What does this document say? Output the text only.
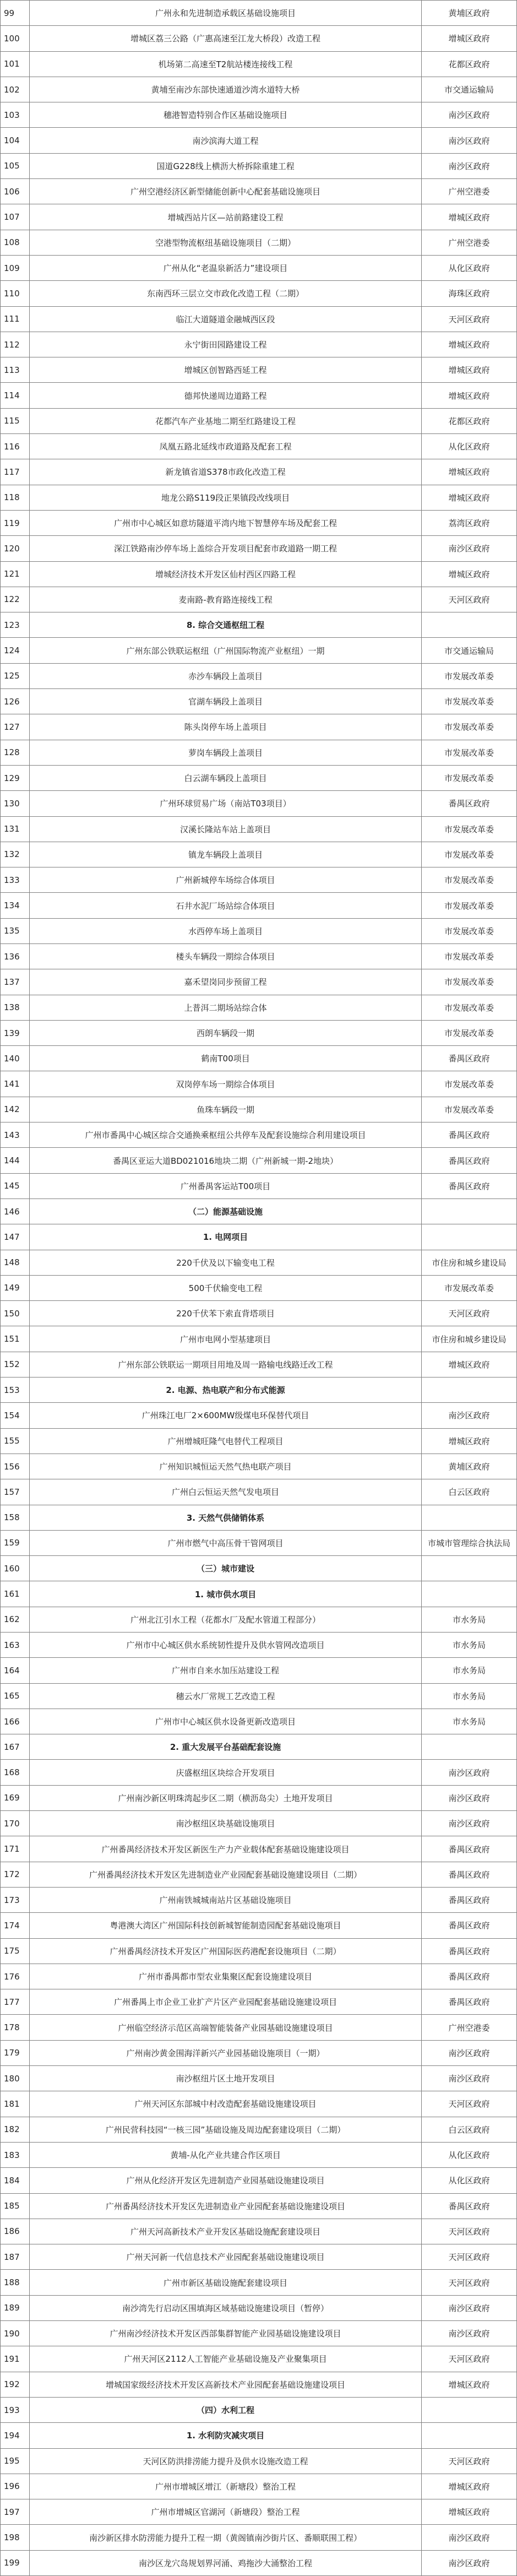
99	广州永和先进制造承载区基础设施项目	黄埔区政府
100	增城区荔三公路（广惠高速至江龙大桥段）改造工程	增城区政府
101	机场第二高速至T2航站楼连接线工程	花都区政府
102	黄埔至南沙东部快速通道沙湾水道特大桥	市交通运输局
103	穗港智造特别合作区基础设施项目	南沙区政府
104	南沙滨海大道工程	南沙区政府
105	国道G228线上横沥大桥拆除重建工程	南沙区政府
106	广州空港经济区新型储能创新中心配套基础设施项目	广州空港委
107	增城西站片区—站前路建设工程	增城区政府
108	空港型物流枢纽基础设施项目（二期）	广州空港委
109	广州从化“老温泉新活力”建设项目	从化区政府
110	东南西环三层立交市政化改造工程（二期）	海珠区政府
111	临江大道隧道金融城西区段	天河区政府
112	永宁街田园路建设工程	增城区政府
113	增城区创智路西延工程	增城区政府
114	德邦快递周边道路工程	增城区政府
115	花都汽车产业基地二期至红路建设工程	花都区政府
116	凤凰五路北延线市政道路及配套工程	从化区政府
117	新龙镇省道S378市政化改造工程	增城区政府
118	地龙公路S119段正果镇段改线项目	增城区政府
119	广州市中心城区如意坊隧道平湾内地下智慧停车场及配套工程	荔湾区政府
120	深江铁路南沙停车场上盖综合开发项目配套市政道路一期工程	南沙区政府
121	增城经济技术开发区仙村西区四路工程	增城区政府
122	麦南路-教育路连接线工程	天河区政府
123	8. 综合交通枢纽工程	
124	广州东部公铁联运枢纽（广州国际物流产业枢纽）一期	市交通运输局
125	赤沙车辆段上盖项目	市发展改革委
126	官湖车辆段上盖项目	市发展改革委
127	陈头岗停车场上盖项目	市发展改革委
128	萝岗车辆段上盖项目	市发展改革委
129	白云湖车辆段上盖项目	市发展改革委
130	广州环球贸易广场（南站T03项目）	番禺区政府
131	汉溪长隆站车站上盖项目	市发展改革委
132	镇龙车辆段上盖项目	市发展改革委
133	广州新城停车场综合体项目	市发展改革委
134	石井水泥厂场站综合体项目	市发展改革委
135	水西停车场上盖项目	市发展改革委
136	楼头车辆段一期综合体项目	市发展改革委
137	嘉禾望岗同步预留工程	市发展改革委
138	上普洱二期场站综合体	市发展改革委
139	西朗车辆段一期	市发展改革委
140	鹤南T00项目	番禺区政府
141	双岗停车场一期综合体项目	市发展改革委
142	鱼珠车辆段一期	市发展改革委
143	广州市番禺中心城区综合交通换乘枢纽公共停车及配套设施综合利用建设项目	番禺区政府
144	番禺区亚运大道BD021016地块二期（广州新城一期-2地块）	番禺区政府
145	广州番禺客运站T00项目	番禺区政府
146	（二）能源基础设施	
147	1. 电网项目	
148	220千伏及以下输变电工程	市住房和城乡建设局
149	500千伏输变电工程	市发展改革委
150	220千伏苯下索直背塔项目	天河区政府
151	广州市电网小型基建项目	市住房和城乡建设局
152	广州东部公铁联运一期项目用地及周一路输电线路迁改工程	增城区政府
153	2. 电源、热电联产和分布式能源	
154	广州珠江电厂2×600MW级煤电环保替代项目	南沙区政府
155	广州增城旺隆气电替代工程项目	增城区政府
156	广州知识城恒运天然气热电联产项目	黄埔区政府
157	广州白云恒运天然气发电项目	白云区政府
158	3. 天然气供储销体系	
159	广州市燃气中高压骨干管网项目	市城市管理综合执法局
160	（三）城市建设	
161	1. 城市供水项目	
162	广州北江引水工程（花都水厂及配水管道工程部分）	市水务局
163	广州市中心城区供水系统韧性提升及供水管网改造项目	市水务局
164	广州市自来水加压站建设工程	市水务局
165	穗云水厂常规工艺改造工程	市水务局
166	广州市中心城区供水设备更新改造项目	市水务局
167	2. 重大发展平台基础配套设施	
168	庆盛枢纽区块综合开发项目	南沙区政府
169	广州南沙新区明珠湾起步区二期（横沥岛尖）土地开发项目	南沙区政府
170	南沙枢纽区块基础设施项目	南沙区政府
171	广州番禺经济技术开发区新医生产力产业载体配套基础设施建设项目	番禺区政府
172	广州番禺经济技术开发区先进制造业产业园配套基础设施建设项目（二期）	番禺区政府
173	广州南铁城城南站片区基础设施项目	番禺区政府
174	粤港澳大湾区广州国际科技创新城智能制造园配套基础设施项目	番禺区政府
175	广州番禺经济技术开发区广州国际医药港配套设施项目（二期）	番禺区政府
176	广州市番禺都市型农业集聚区配套设施建设项目	番禺区政府
177	广州番禺上市企业工业扩产片区产业园配套基础设施建设项目	番禺区政府
178	广州临空经济示范区高端智能装备产业园基础设施建设项目	广州空港委
179	广州南沙黄金围海洋新兴产业园基础设施项目（一期）	南沙区政府
180	南沙枢纽片区土地开发项目	南沙区政府
181	广州天河区东部城中村改造配套基础设施建设项目	天河区政府
182	广州民营科技园“一核三园”基础设施及周边配套建设项目（二期）	白云区政府
183	黄埔-从化产业共建合作区项目	从化区政府
184	广州从化经济开发区先进制造产业园基础设施建设项目	从化区政府
185	广州番禺经济技术开发区先进制造业产业园配套基础设施建设项目	番禺区政府
186	广州天河高新技术产业开发区基础设施配套建设项目	天河区政府
187	广州天河新一代信息技术产业园配套基础设施建设项目	天河区政府
188	广州市新区基础设施配套建设项目	天河区政府
189	南沙湾先行启动区围填海区域基础设施建设项目（暂停）	南沙区政府
190	广州南沙经济技术开发区西部集群智能产业园基础设施建设项目	南沙区政府
191	广州天河区2112人工智能产业基础设施及产业聚集项目	天河区政府
192	增城国家级经济技术开发区高新技术产业园配套基础设施建设项目	增城区政府
193	（四）水利工程	
194	1. 水利防灾减灾项目	
195	天河区防洪排涝能力提升及供水设施改造工程	天河区政府
196	广州市增城区增江（新塘段）整治工程	增城区政府
197	广州市增城区官湖河（新塘段）整治工程	增城区政府
198	南沙新区排水防涝能力提升工程一期（黄阁镇南沙街片区、番顺联围工程）	南沙区政府
199	南沙区龙穴岛规划界河涌、鸡拖沙大涌整治工程	南沙区政府
